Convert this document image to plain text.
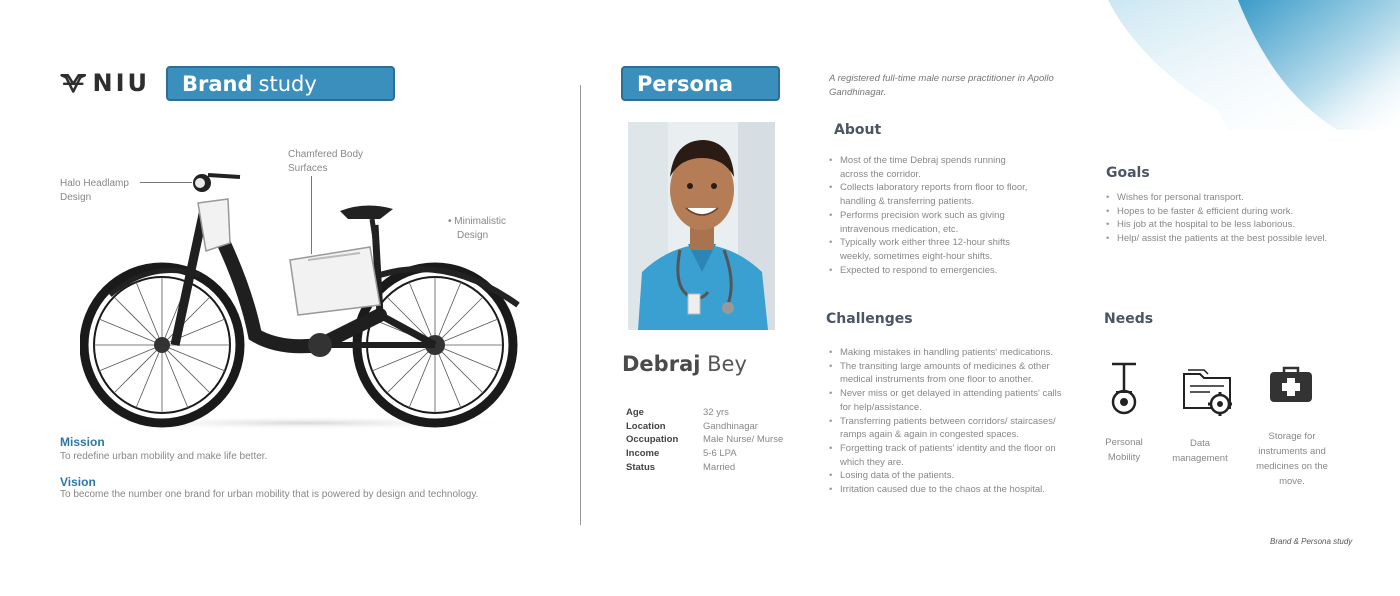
NIU Brand study
Halo Headlamp
Design
Chamfered Body
Surfaces
• Minimalistic
Design
Mission
To redefine urban mobility and make life better.
Vision
To become the number one brand for urban mobility that is powered by design and technology.
Persona	A registered full-time male nurse practitioner in Apollo Gandhinagar.
Debraj Bey
Age	32 yrs
Location	Gandhinagar
Occupation	Male Nurse/ Murse
Income	5-6 LPA
Status	Married
About
• Most of the time Debraj spends running across the corridor.
• Collects laboratory reports from floor to floor, handling & transferring patients.
• Performs precision work such as giving intravenous medication, etc.
• Typically work either three 12-hour shifts weekly, sometimes eight-hour shifts.
• Expected to respond to emergencies.
Goals
• Wishes for personal transport.
• Hopes to be faster & efficient during work.
• His job at the hospital to be less laborious.
• Help/ assist the patients at the best possible level.
Challenges
• Making mistakes in handling patients' medications.
• The transiting large amounts of medicines & other medical instruments from one floor to another.
• Never miss or get delayed in attending patients' calls for help/assistance.
• Transferring patients between corridors/ staircases/ ramps again & again in congested spaces.
• Forgetting track of patients' identity and the floor on which they are.
• Losing data of the patients.
• Irritation caused due to the chaos at the hospital.
Needs
Personal Mobility
Data management
Storage for instruments and medicines on the move.
Brand & Persona study
